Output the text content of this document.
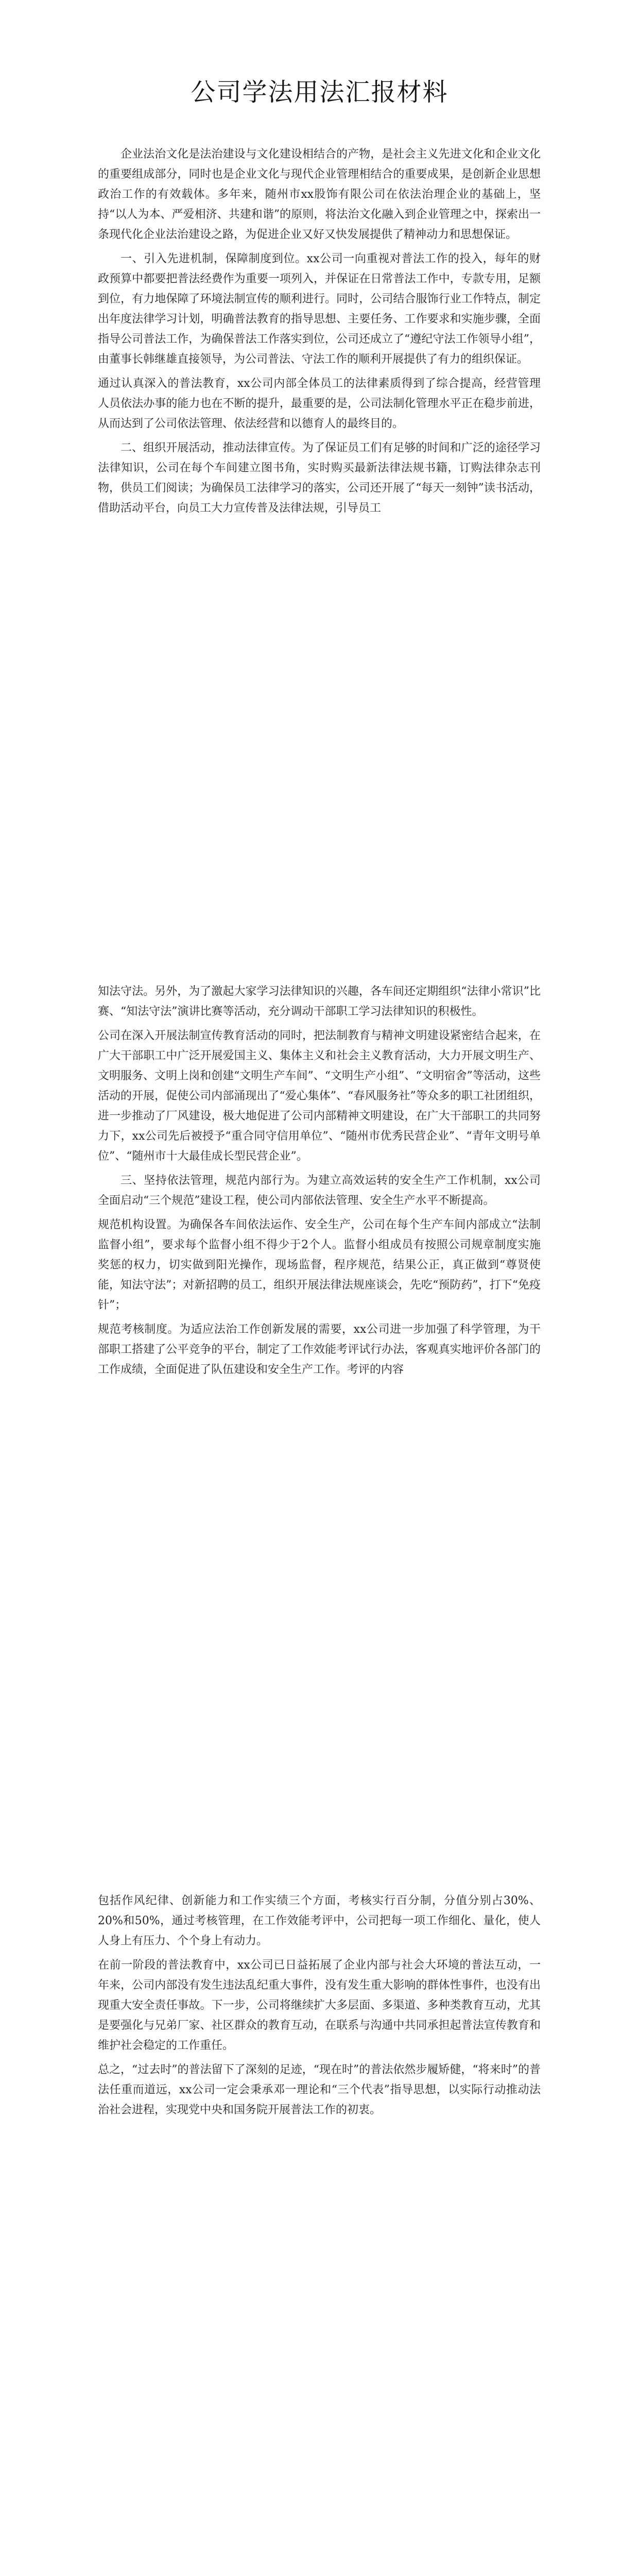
公司学法用法汇报材料

企业法治文化是法治建设与文化建设相结合的产物，是社会主义先进文化和企业文化的重要组成部分，同时也是企业文化与现代企业管理相结合的重要成果，是创新企业思想政治工作的有效载体。多年来，随州市xx股饰有限公司在依法治理企业的基础上，坚持“以人为本、严爱相济、共建和谐”的原则，将法治文化融入到企业管理之中，探索出一条现代化企业法治建设之路，为促进企业又好又快发展提供了精神动力和思想保证。

一、引入先进机制，保障制度到位。xx公司一向重视对普法工作的投入，每年的财政预算中都要把普法经费作为重要一项列入，并保证在日常普法工作中，专款专用，足额到位，有力地保障了环境法制宣传的顺利进行。同时，公司结合服饰行业工作特点，制定出年度法律学习计划，明确普法教育的指导思想、主要任务、工作要求和实施步骤，全面指导公司普法工作，为确保普法工作落实到位，公司还成立了“遵纪守法工作领导小组”，由董事长韩继雄直接领导，为公司普法、守法工作的顺利开展提供了有力的组织保证。

通过认真深入的普法教育，xx公司内部全体员工的法律素质得到了综合提高，经营管理人员依法办事的能力也在不断的提升，最重要的是，公司法制化管理水平正在稳步前进，从而达到了公司依法管理、依法经营和以德育人的最终目的。

二、组织开展活动，推动法律宣传。为了保证员工们有足够的时间和广泛的途径学习法律知识，公司在每个车间建立图书角，实时购买最新法律法规书籍，订购法律杂志刊物，供员工们阅读；为确保员工法律学习的落实，公司还开展了“每天一刻钟”读书活动，借助活动平台，向员工大力宣传普及法律法规，引导员工

知法守法。另外，为了激起大家学习法律知识的兴趣，各车间还定期组织“法律小常识”比赛、“知法守法”演讲比赛等活动，充分调动干部职工学习法律知识的积极性。

公司在深入开展法制宣传教育活动的同时，把法制教育与精神文明建设紧密结合起来，在广大干部职工中广泛开展爱国主义、集体主义和社会主义教育活动，大力开展文明生产、文明服务、文明上岗和创建“文明生产车间”、“文明生产小组”、“文明宿舍”等活动，这些活动的开展，促使公司内部涌现出了“爱心集体”、“春风服务社”等众多的职工社团组织，进一步推动了厂风建设，极大地促进了公司内部精神文明建设，在广大干部职工的共同努力下，xx公司先后被授予“重合同守信用单位”、“随州市优秀民营企业”、“青年文明号单位”、“随州市十大最佳成长型民营企业”。

三、坚持依法管理，规范内部行为。为建立高效运转的安全生产工作机制，xx公司全面启动“三个规范”建设工程，使公司内部依法管理、安全生产水平不断提高。

规范机构设置。为确保各车间依法运作、安全生产，公司在每个生产车间内部成立“法制监督小组”，要求每个监督小组不得少于2个人。监督小组成员有按照公司规章制度实施奖惩的权力，切实做到阳光操作，现场监督，程序规范，结果公正，真正做到“尊贤使能，知法守法”；对新招聘的员工，组织开展法律法规座谈会，先吃“预防药”，打下“免疫针”；

规范考核制度。为适应法治工作创新发展的需要，xx公司进一步加强了科学管理，为干部职工搭建了公平竞争的平台，制定了工作效能考评试行办法，客观真实地评价各部门的工作成绩，全面促进了队伍建设和安全生产工作。考评的内容

包括作风纪律、创新能力和工作实绩三个方面，考核实行百分制，分值分别占30%、20%和50%，通过考核管理，在工作效能考评中，公司把每一项工作细化、量化，使人人身上有压力、个个身上有动力。

在前一阶段的普法教育中，xx公司已日益拓展了企业内部与社会大环境的普法互动，一年来，公司内部没有发生违法乱纪重大事件，没有发生重大影响的群体性事件，也没有出现重大安全责任事故。下一步，公司将继续扩大多层面、多渠道、多种类教育互动，尤其是要强化与兄弟厂家、社区群众的教育互动，在联系与沟通中共同承担起普法宣传教育和维护社会稳定的工作重任。

总之，“过去时”的普法留下了深刻的足迹，“现在时”的普法依然步履矫健，“将来时”的普法任重而道远，xx公司一定会秉承邓一理论和“三个代表”指导思想，以实际行动推动法治社会进程，实现党中央和国务院开展普法工作的初衷。
